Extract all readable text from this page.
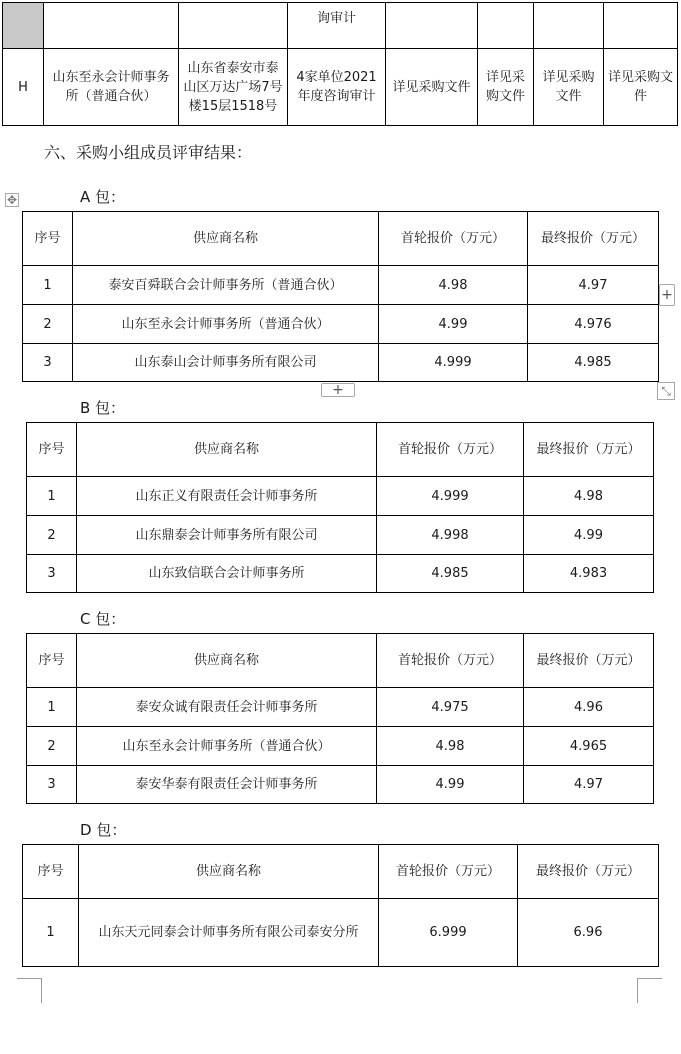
			询审计				
H	山东至永会计师事务所（普通合伙）	山东省泰安市泰山区万达广场7号楼15层1518号	4家单位2021年度咨询审计	详见采购文件	详见采购文件	详见采购文件	详见采购文件
六、采购小组成员评审结果：
✥	A 包：
序号	供应商名称	首轮报价（万元）	最终报价（万元）
1	泰安百舜联合会计师事务所（普通合伙）	4.98	4.97
2	山东至永会计师事务所（普通合伙）	4.99	4.976
3	山东泰山会计师事务所有限公司	4.999	4.985
+
+	⤡
B 包：
序号	供应商名称	首轮报价（万元）	最终报价（万元）
1	山东正义有限责任会计师事务所	4.999	4.98
2	山东鼎泰会计师事务所有限公司	4.998	4.99
3	山东致信联合会计师事务所	4.985	4.983
C 包：
序号	供应商名称	首轮报价（万元）	最终报价（万元）
1	泰安众诚有限责任会计师事务所	4.975	4.96
2	山东至永会计师事务所（普通合伙）	4.98	4.965
3	泰安华泰有限责任会计师事务所	4.99	4.97
D 包：
序号	供应商名称	首轮报价（万元）	最终报价（万元）
1	山东天元同泰会计师事务所有限公司泰安分所	6.999	6.96
